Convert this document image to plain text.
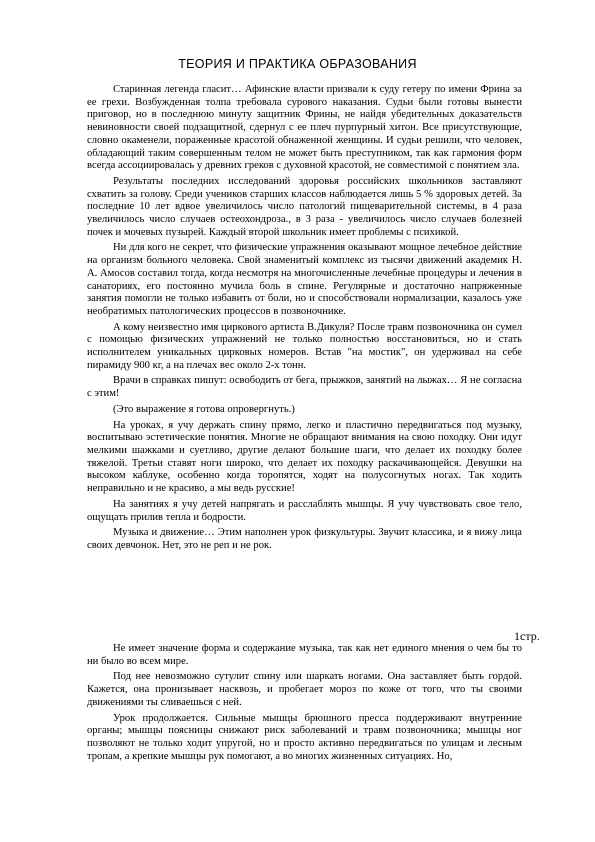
ТЕОРИЯ И ПРАКТИКА ОБРАЗОВАНИЯ

Старинная легенда гласит… Афинские власти призвали к суду гетеру по имени Фрина за ее грехи. Возбужденная толпа требовала сурового наказания. Судьи были готовы вынести приговор, но в последнюю минуту защитник Фрины, не найдя убедительных доказательств невиновности своей подзащитной, сдернул с ее плеч пурпурный хитон. Все присутствующие, словно окаменели, пораженные красотой обнаженной женщины. И судьи решили, что человек, обладающий таким совершенным телом не может быть преступником, так как гармония форм всегда ассоциировалась у древних греков с духовной красотой, не совместимой с понятием зла.

Результаты последних исследований здоровья российских школьников заставляют схватить за голову. Среди учеников старших классов наблюдается лишь 5 % здоровых детей. За последние 10 лет вдвое увеличилось число патологий пищеварительной системы, в 4 раза увеличилось число случаев остеохондроза., в 3 раза - увеличилось число случаев болезней почек и мочевых пузырей. Каждый второй школьник имеет проблемы с психикой.

Ни для кого не секрет, что физические упражнения оказывают мощное лечебное действие на организм больного человека. Свой знаменитый комплекс из тысячи движений академик Н. А. Амосов составил тогда, когда несмотря на многочисленные лечебные процедуры и лечения в санаториях, его постоянно мучила боль в спине. Регулярные и достаточно напряженные занятия помогли не только избавить от боли, но и способствовали нормализации, казалось уже необратимых патологических процессов в позвоночнике.

А кому неизвестно имя циркового артиста В.Дикуля? После травм позвоночника он сумел с помощью физических упражнений не только полностью восстановиться, но и стать исполнителем уникальных цирковых номеров. Встав "на мостик", он удерживал на себе пирамиду 900 кг, а на плечах вес около 2-х тонн.

Врачи в справках пишут: освободить от бега, прыжков, занятий на лыжах… Я не согласна с этим!

(Это выражение я готова опровергнуть.)

На уроках, я учу держать спину прямо, легко и пластично передвигаться под музыку, воспитываю эстетические понятия. Многие не обращают внимания на свою походку. Они идут мелкими шажками и суетливо, другие делают большие шаги, что делает их походку более тяжелой. Третьи ставят ноги широко, что делает их походку раскачивающейся. Девушки на высоком каблуке, особенно когда торопятся, ходят на полусогнутых ногах. Так ходить неправильно и не красиво, а мы ведь русские!

На занятиях я учу детей напрягать и расслаблять мышцы. Я учу чувствовать свое тело, ощущать прилив тепла и бодрости.

Музыка и движение… Этим наполнен урок физкультуры. Звучит классика, и я вижу лица своих девчонок. Нет, это не реп и не рок.

1стр.

Не имеет значение форма и содержание музыка, так как нет единого мнения о чем бы то ни было во всем мире.

Под нее невозможно сутулит спину или шаркать ногами. Она заставляет быть гордой. Кажется, она пронизывает насквозь, и пробегает мороз по коже от того, что ты своими движениями ты сливаешься с ней.

Урок продолжается. Сильные мышцы брюшного пресса поддерживают внутренние органы; мышцы поясницы снижают риск заболеваний и травм позвоночника; мышцы ног позволяют не только ходит упругой, но и просто активно передвигаться по улицам и лесным тропам, а крепкие мышцы рук помогают, а во многих жизненных ситуациях. Но,
